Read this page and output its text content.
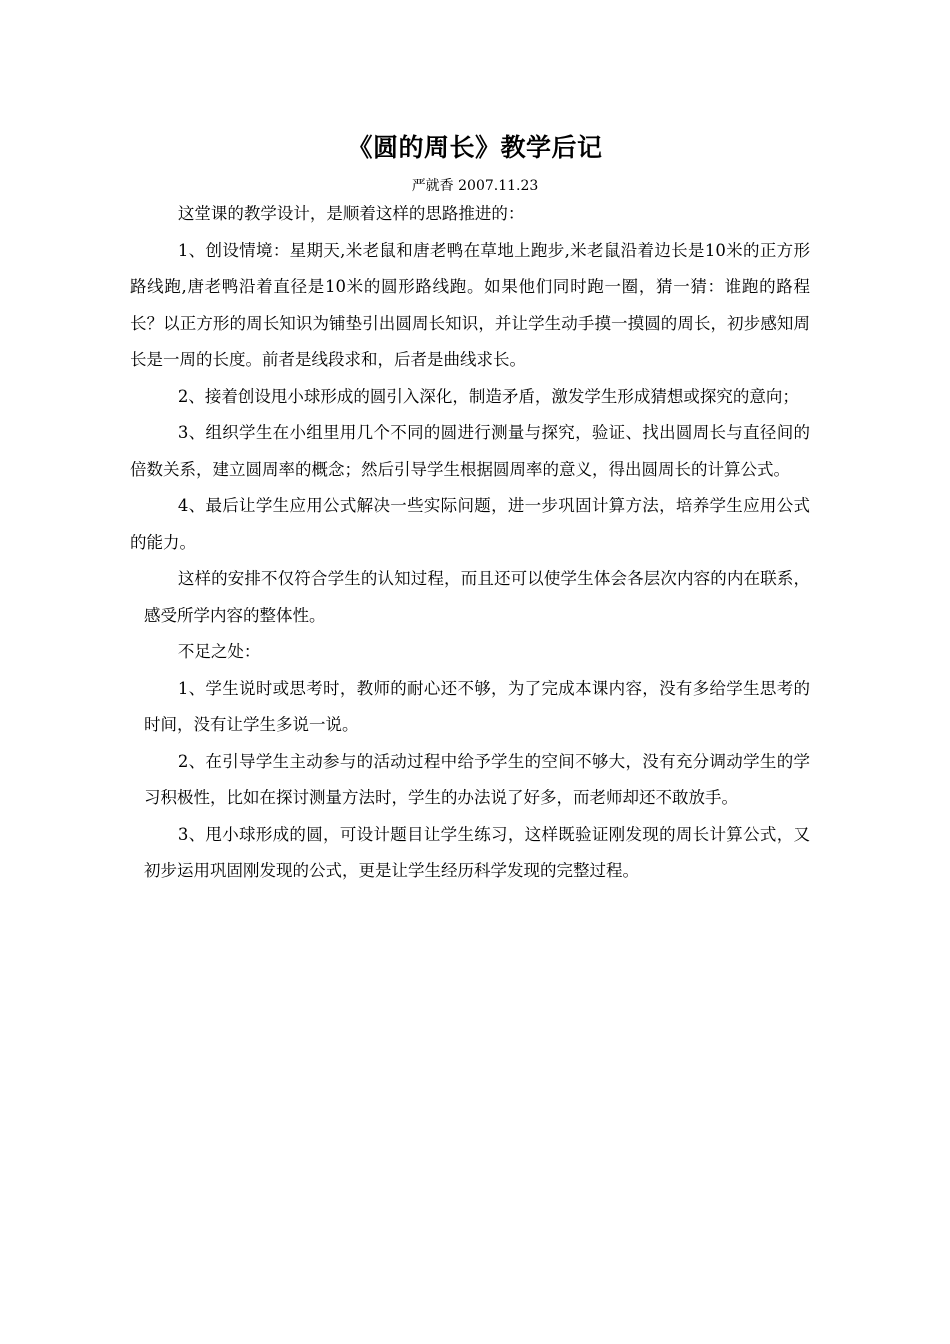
《圆的周长》教学后记
严就香 2007.11.23

这堂课的教学设计，是顺着这样的思路推进的：

1、创设情境：星期天,米老鼠和唐老鸭在草地上跑步,米老鼠沿着边长是10米的正方形路线跑,唐老鸭沿着直径是10米的圆形路线跑。如果他们同时跑一圈，猜一猜：谁跑的路程长？以正方形的周长知识为铺垫引出圆周长知识，并让学生动手摸一摸圆的周长，初步感知周长是一周的长度。前者是线段求和，后者是曲线求长。

2、接着创设甩小球形成的圆引入深化，制造矛盾，激发学生形成猜想或探究的意向；

3、组织学生在小组里用几个不同的圆进行测量与探究，验证、找出圆周长与直径间的倍数关系，建立圆周率的概念；然后引导学生根据圆周率的意义，得出圆周长的计算公式。

4、最后让学生应用公式解决一些实际问题，进一步巩固计算方法，培养学生应用公式的能力。

这样的安排不仅符合学生的认知过程，而且还可以使学生体会各层次内容的内在联系，感受所学内容的整体性。

不足之处：

1、学生说时或思考时，教师的耐心还不够，为了完成本课内容，没有多给学生思考的时间，没有让学生多说一说。

2、在引导学生主动参与的活动过程中给予学生的空间不够大，没有充分调动学生的学习积极性，比如在探讨测量方法时，学生的办法说了好多，而老师却还不敢放手。

3、甩小球形成的圆，可设计题目让学生练习，这样既验证刚发现的周长计算公式，又初步运用巩固刚发现的公式，更是让学生经历科学发现的完整过程。
